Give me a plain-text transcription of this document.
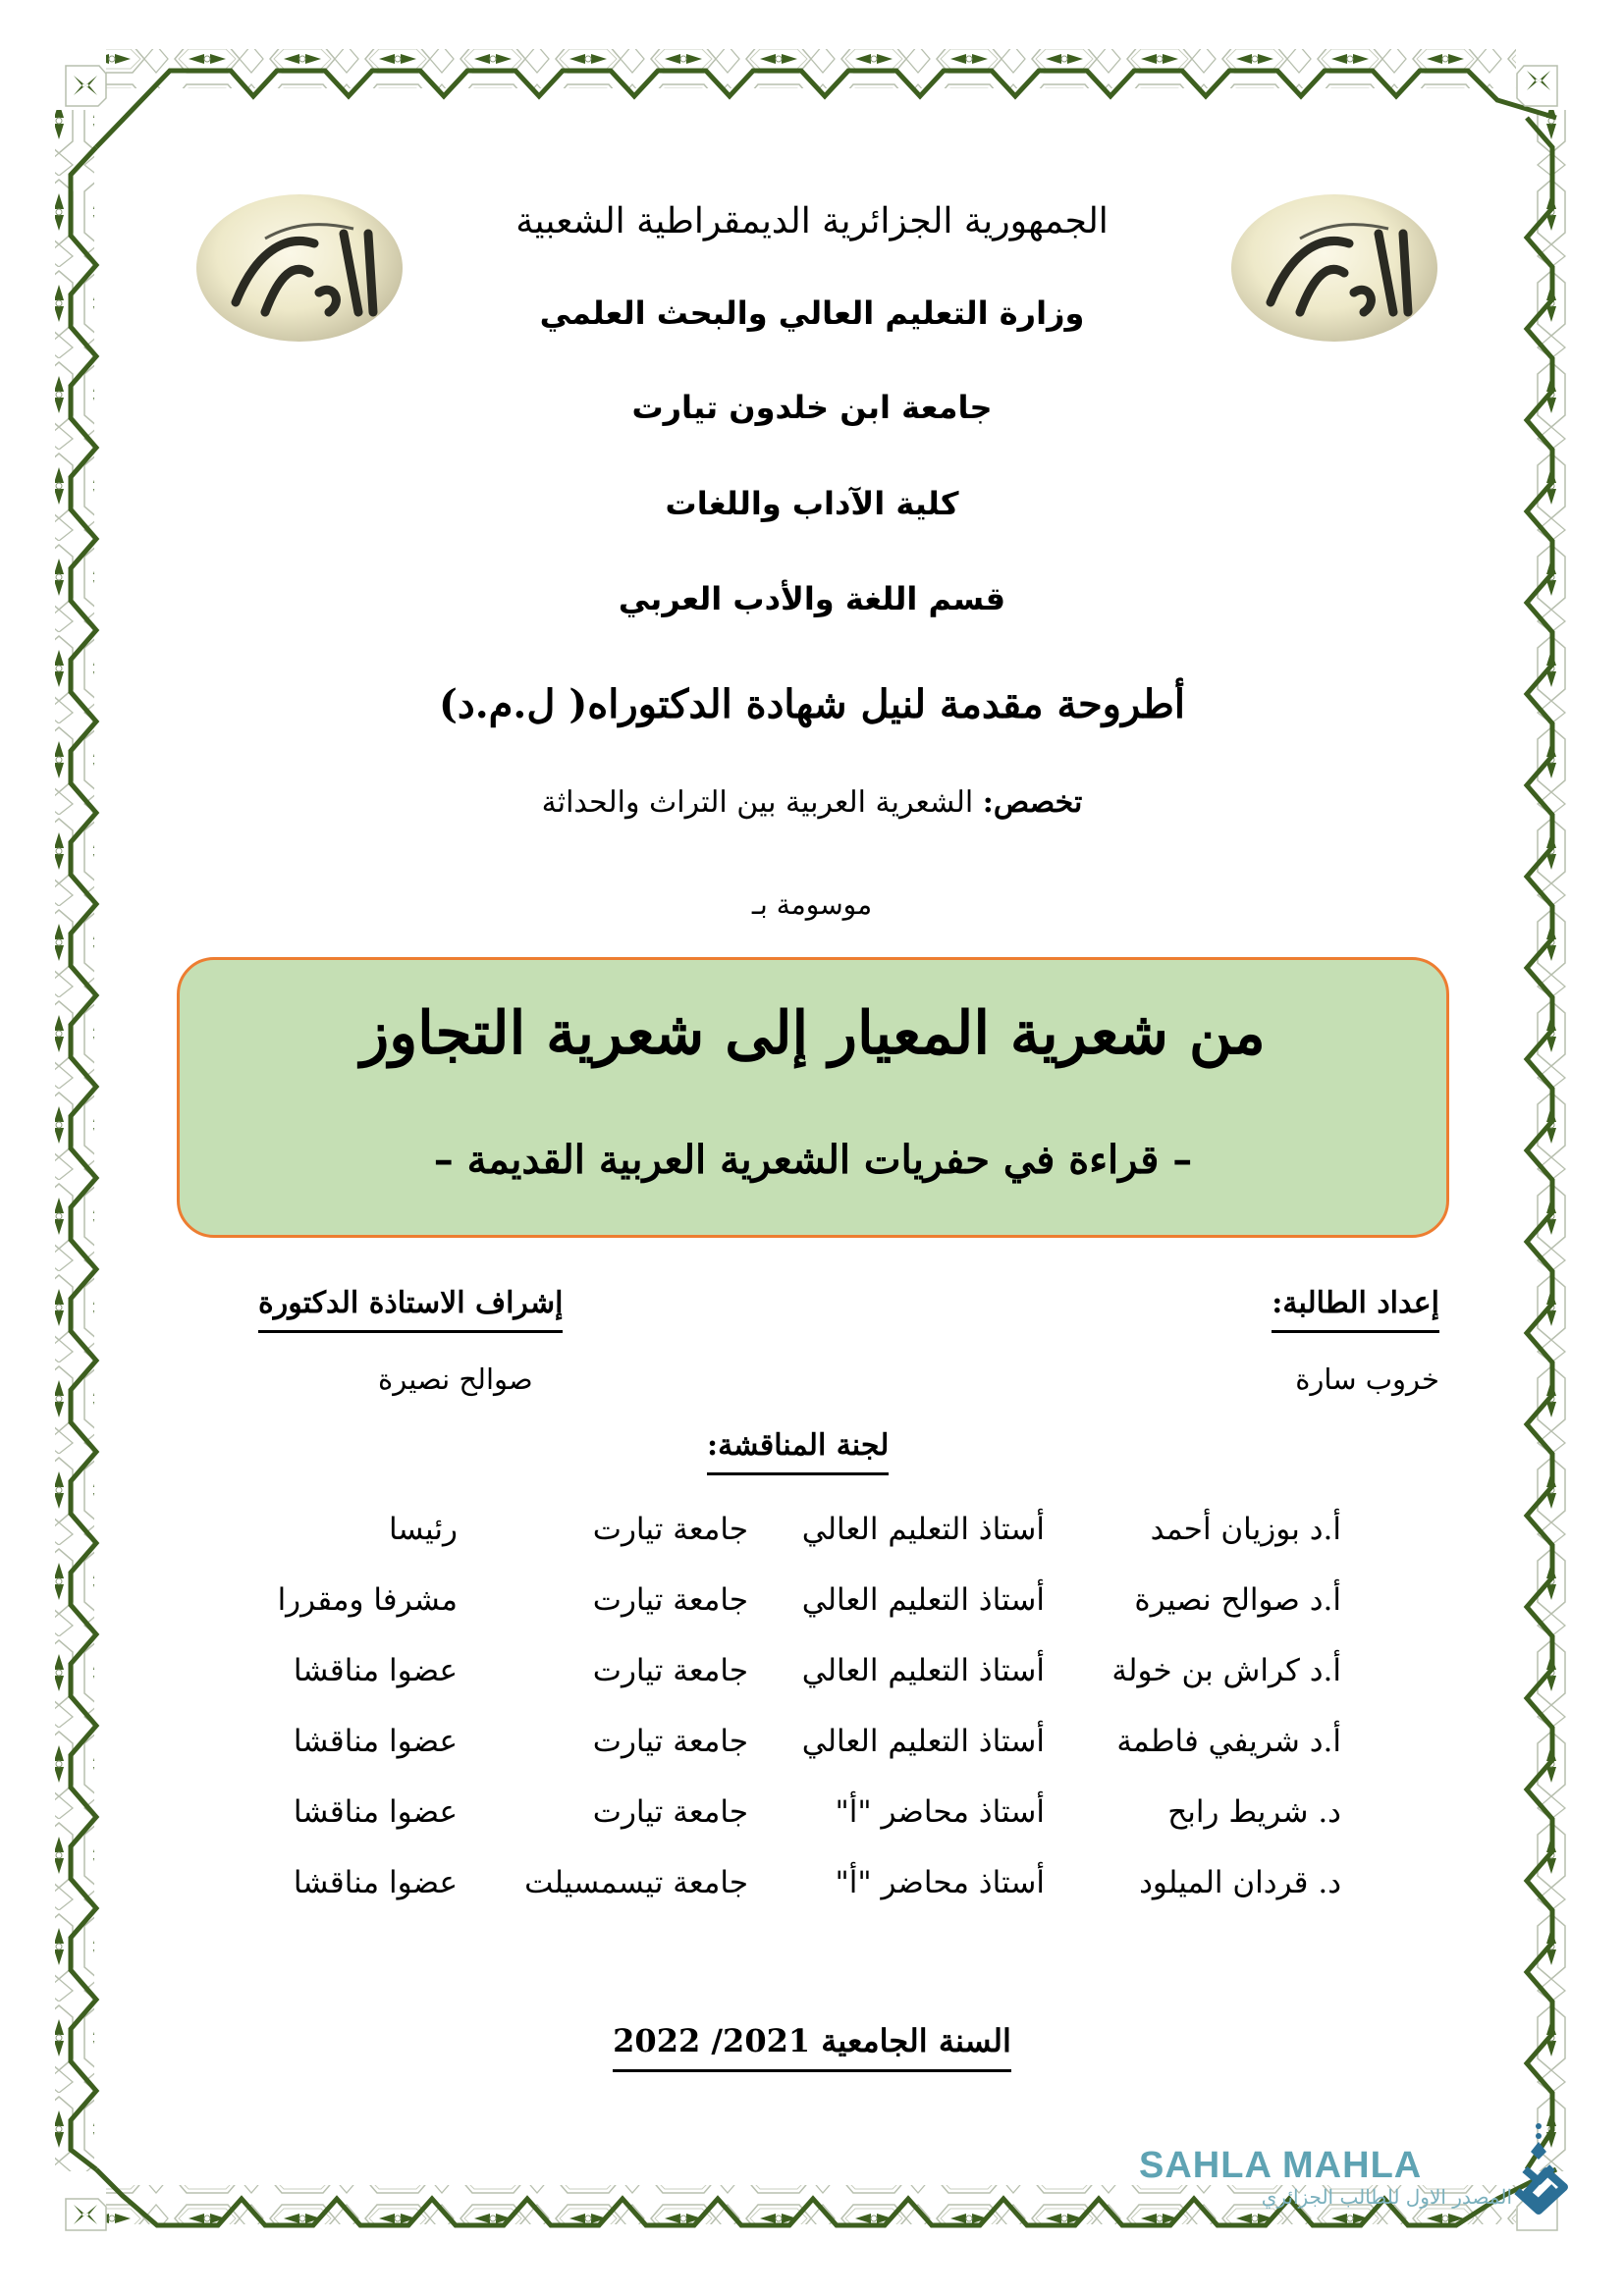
الجمهورية الجزائرية الديمقراطية الشعبية
وزارة التعليم العالي والبحث العلمي
جامعة ابن خلدون تيارت
كلية الآداب واللغات
قسم اللغة والأدب العربي
أطروحة مقدمة لنيل شهادة الدكتوراه( ل.م.د)
تخصص: الشعرية العربية بين التراث والحداثة
موسومة بـ
من شعرية المعيار إلى شعرية التجاوز
– قراءة في حفريات الشعرية العربية القديمة –
إعداد الطالبة:
خروب سارة
إشراف الاستاذة الدكتورة
صوالح نصيرة
لجنة المناقشة:
أ.د بوزيان أحمد
أستاذ التعليم العالي
جامعة تيارت
رئيسا
أ.د صوالح نصيرة
أستاذ التعليم العالي
جامعة تيارت
مشرفا ومقررا
أ.د كراش بن خولة
أستاذ التعليم العالي
جامعة تيارت
عضوا مناقشا
أ.د شريفي فاطمة
أستاذ التعليم العالي
جامعة تيارت
عضوا مناقشا
د. شريط رابح
أستاذ محاضر "أ"
جامعة تيارت
عضوا مناقشا
د. قردان الميلود
أستاذ محاضر "أ"
جامعة تيسمسيلت
عضوا مناقشا
السنة الجامعية 2021/ 2022
SAHLA MAHLA
المصدر الاول للطالب الجزائري
